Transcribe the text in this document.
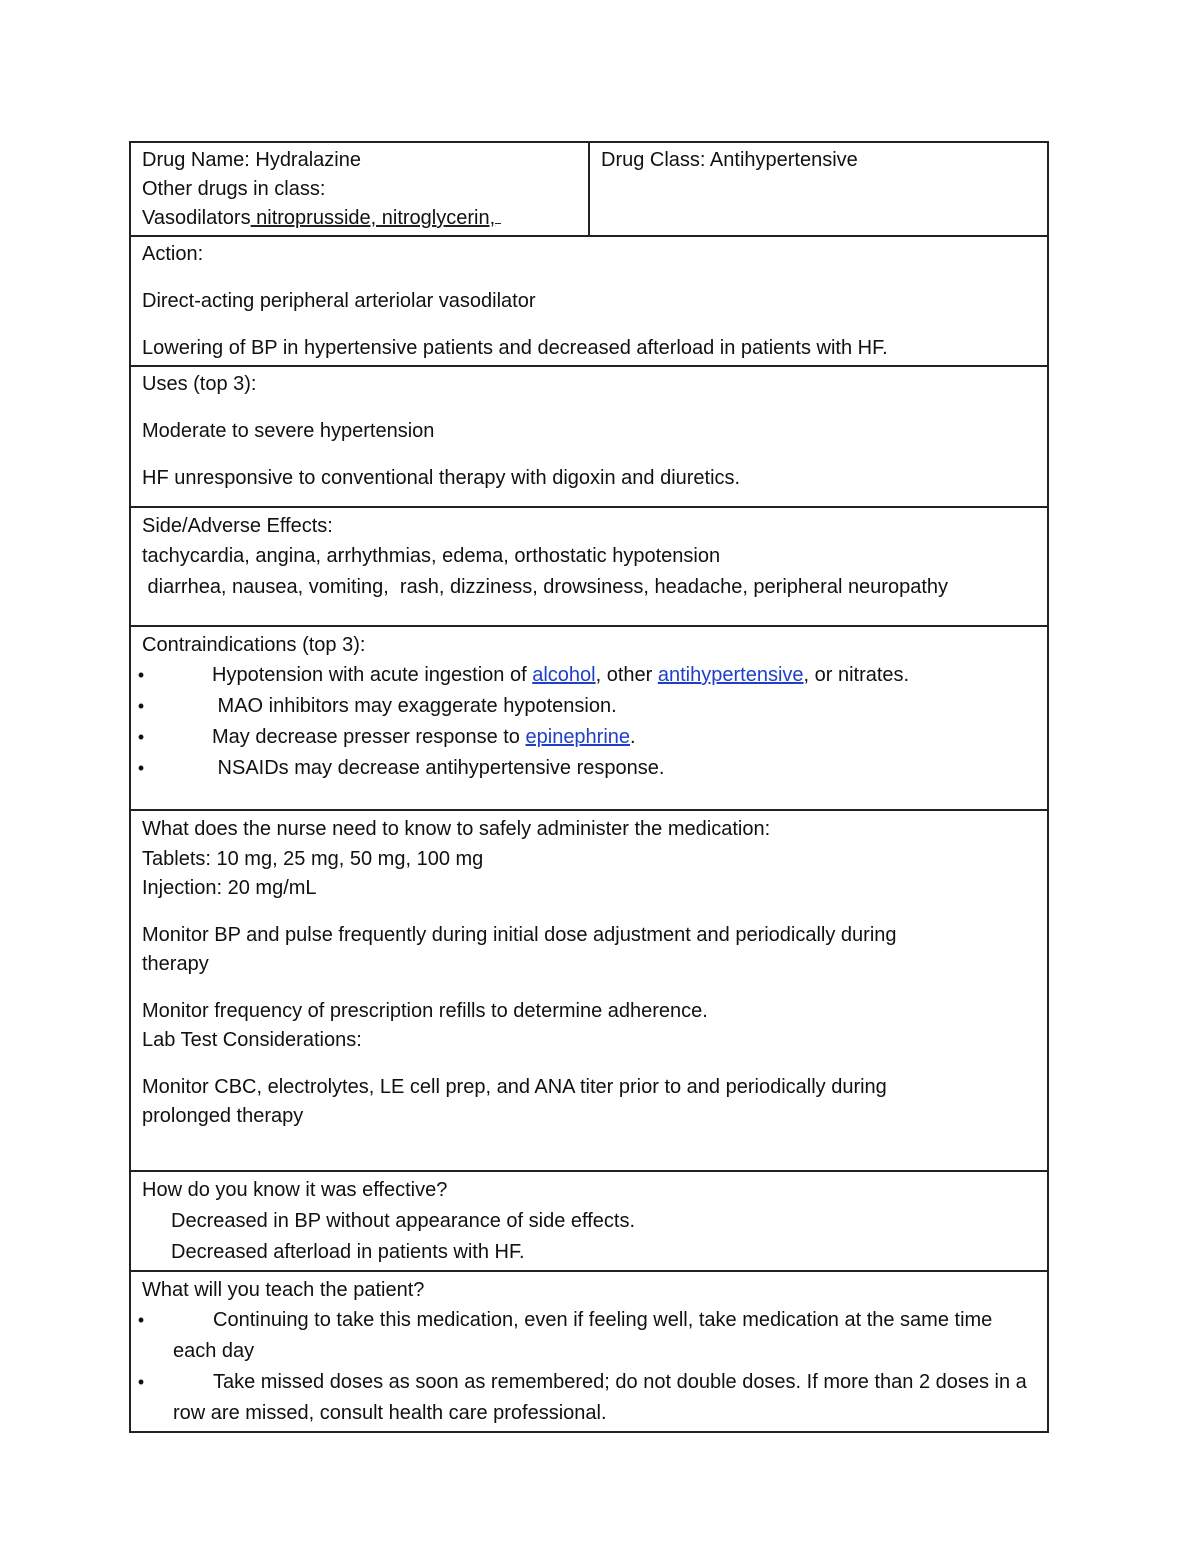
Drug Name: Hydralazine
Other drugs in class:
Vasodilators nitroprusside, nitroglycerin,

Drug Class: Antihypertensive

Action:
Direct-acting peripheral arteriolar vasodilator
Lowering of BP in hypertensive patients and decreased afterload in patients with HF.

Uses (top 3):
Moderate to severe hypertension
HF unresponsive to conventional therapy with digoxin and diuretics.

Side/Adverse Effects:
tachycardia, angina, arrhythmias, edema, orthostatic hypotension
diarrhea, nausea, vomiting,  rash, dizziness, drowsiness, headache, peripheral neuropathy

Contraindications (top 3):
•	Hypotension with acute ingestion of alcohol, other antihypertensive, or nitrates.
•	MAO inhibitors may exaggerate hypotension.
•	May decrease presser response to epinephrine.
•	NSAIDs may decrease antihypertensive response.

What does the nurse need to know to safely administer the medication:
Tablets: 10 mg, 25 mg, 50 mg, 100 mg
Injection: 20 mg/mL
Monitor BP and pulse frequently during initial dose adjustment and periodically during
therapy
Monitor frequency of prescription refills to determine adherence.
Lab Test Considerations:
Monitor CBC, electrolytes, LE cell prep, and ANA titer prior to and periodically during
prolonged therapy

How do you know it was effective?
Decreased in BP without appearance of side effects.
Decreased afterload in patients with HF.

What will you teach the patient?
•	Continuing to take this medication, even if feeling well, take medication at the same time each day
•	Take missed doses as soon as remembered; do not double doses. If more than 2 doses in a row are missed, consult health care professional.
